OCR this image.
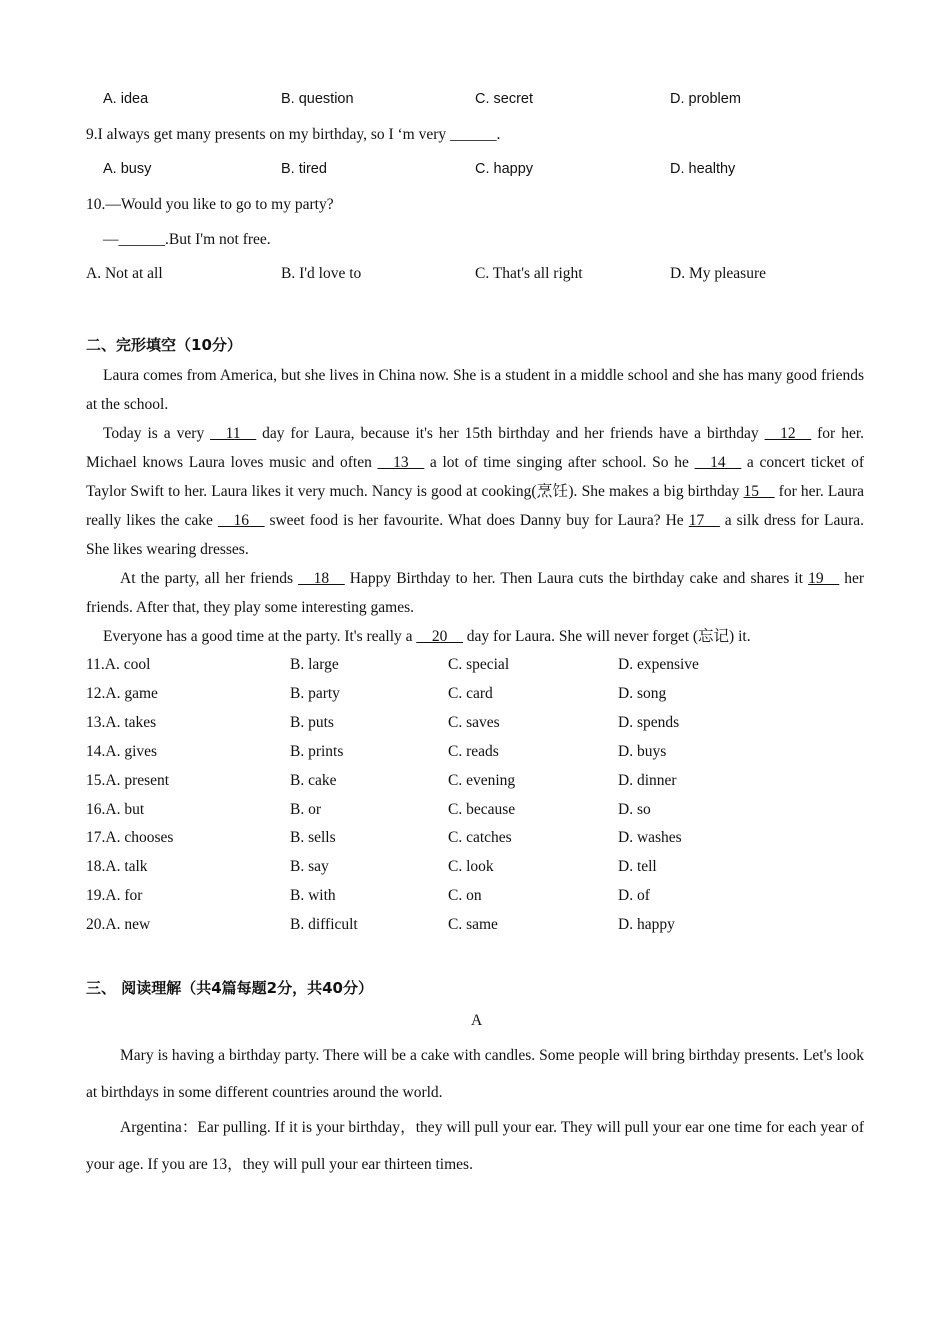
A. idea	B. question	C. secret	D. problem
9.I always get many presents on my birthday, so I ‘m very ______.
A. busy	B. tired	C. happy	D. healthy
10.—Would you like to go to my party?
—______.But I'm not free.
A. Not at all	B. I'd love to	C. That's all right	D. My pleasure
二、完形填空（10分）
Laura comes from America, but she lives in China now. She is a student in a middle school and she has many good friends at the school.
Today is a very __11__ day for Laura, because it's her 15th birthday and her friends have a birthday __12__ for her. Michael knows Laura loves music and often __13__ a lot of time singing after school. So he __14__ a concert ticket of Taylor Swift to her. Laura likes it very much. Nancy is good at cooking(烹饪). She makes a big birthday 15__ for her. Laura really likes the cake __16__ sweet food is her favourite. What does Danny buy for Laura? He 17__ a silk dress for Laura. She likes wearing dresses.
At the party, all her friends __18__ Happy Birthday to her. Then Laura cuts the birthday cake and shares it 19__ her friends. After that, they play some interesting games.
Everyone has a good time at the party. It's really a __20__ day for Laura. She will never forget (忘记) it.
11.A. cool	B. large	C. special	D. expensive
12.A. game	B. party	C. card	D. song
13.A. takes	B. puts	C. saves	D. spends
14.A. gives	B. prints	C. reads	D. buys
15.A. present	B. cake	C. evening	D. dinner
16.A. but	B. or	C. because	D. so
17.A. chooses	B. sells	C. catches	D. washes
18.A. talk	B. say	C. look	D. tell
19.A. for	B. with	C. on	D. of
20.A. new	B. difficult	C. same	D. happy
三、 阅读理解（共4篇每题2分，共40分）
A
Mary is having a birthday party. There will be a cake with candles. Some people will bring birthday presents. Let's look at birthdays in some different countries around the world.
Argentina：Ear pulling. If it is your birthday，they will pull your ear. They will pull your ear one time for each year of your age. If you are 13，they will pull your ear thirteen times.
